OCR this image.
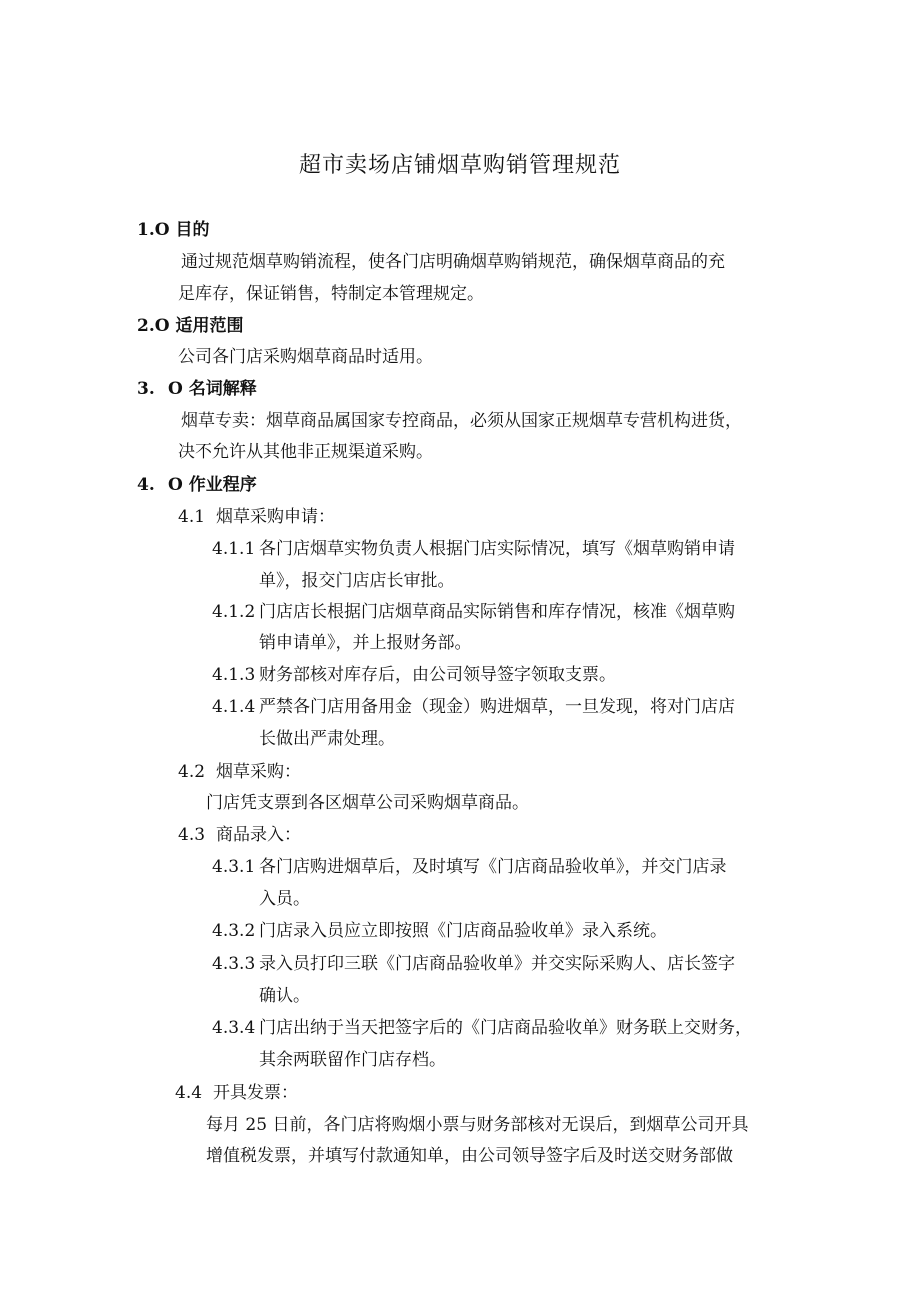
超市卖场店铺烟草购销管理规范
1.O 目的
通过规范烟草购销流程，使各门店明确烟草购销规范，确保烟草商品的充
足库存，保证销售，特制定本管理规定。
2.O 适用范围
公司各门店采购烟草商品时适用。
3. O 名词解释
烟草专卖：烟草商品属国家专控商品，必须从国家正规烟草专营机构进货，
决不允许从其他非正规渠道采购。
4. O 作业程序
4.1 烟草采购申请：
4.1.1 各门店烟草实物负责人根据门店实际情况，填写《烟草购销申请
单》，报交门店店长审批。
4.1.2 门店店长根据门店烟草商品实际销售和库存情况，核准《烟草购
销申请单》，并上报财务部。
4.1.3 财务部核对库存后，由公司领导签字领取支票。
4.1.4 严禁各门店用备用金（现金）购进烟草，一旦发现，将对门店店
长做出严肃处理。
4.2 烟草采购：
门店凭支票到各区烟草公司采购烟草商品。
4.3 商品录入：
4.3.1 各门店购进烟草后，及时填写《门店商品验收单》，并交门店录
入员。
4.3.2 门店录入员应立即按照《门店商品验收单》录入系统。
4.3.3 录入员打印三联《门店商品验收单》并交实际采购人、店长签字
确认。
4.3.4 门店出纳于当天把签字后的《门店商品验收单》财务联上交财务，
其余两联留作门店存档。
4.4 开具发票：
每月 25 日前，各门店将购烟小票与财务部核对无误后，到烟草公司开具
增值税发票，并填写付款通知单，由公司领导签字后及时送交财务部做
